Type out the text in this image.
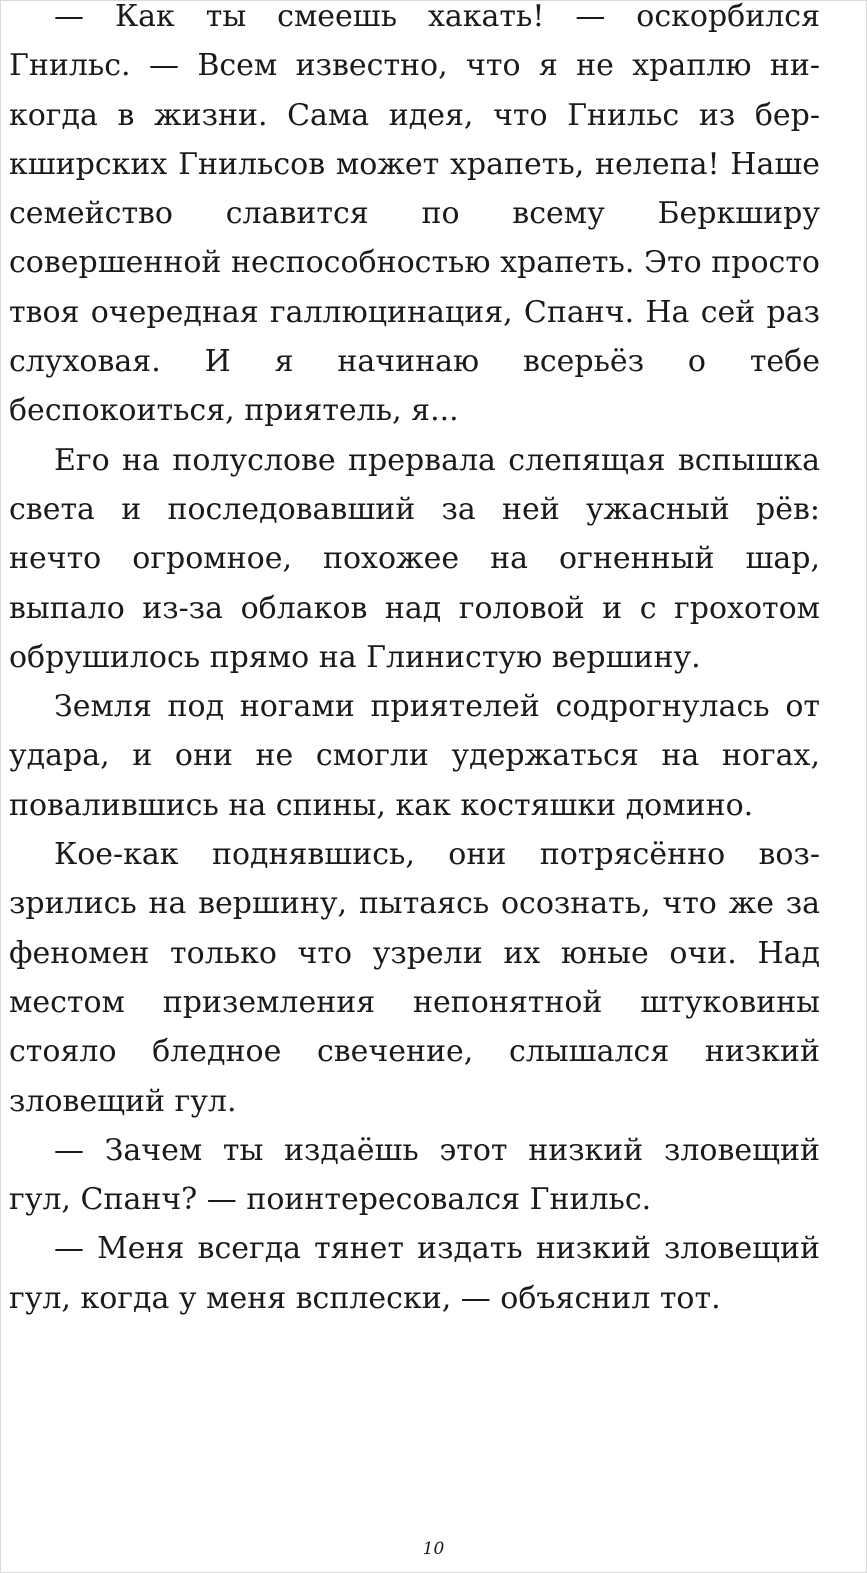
— Как ты смеешь хакать! — оскорбился Гнильс. — Всем известно, что я не храплю никогда в жизни. Сама идея, что Гнильс из беркширских Гнильсов может храпеть, нелепа! Наше семейство славится по всему Беркширу совершенной неспособностью храпеть. Это просто твоя очередная галлюцинация, Спанч. На сей раз слуховая. И я начинаю всерьёз о тебе беспокоиться, приятель, я...

Его на полуслове прервала слепящая вспышка света и последовавший за ней ужасный рёв: нечто огромное, похожее на огненный шар, выпало из-за облаков над головой и с грохотом обрушилось прямо на Глинистую вершину.

Земля под ногами приятелей содрогнулась от удара, и они не смогли удержаться на ногах, повалившись на спины, как костяшки домино.

Кое-как поднявшись, они потрясённо воззрились на вершину, пытаясь осознать, что же за феномен только что узрели их юные очи. Над местом приземления непонятной штуковины стояло бледное свечение, слышался низкий зловещий гул.

— Зачем ты издаёшь этот низкий зловещий гул, Спанч? — поинтересовался Гнильс.

— Меня всегда тянет издать низкий зловещий гул, когда у меня всплески, — объяснил тот.

10
